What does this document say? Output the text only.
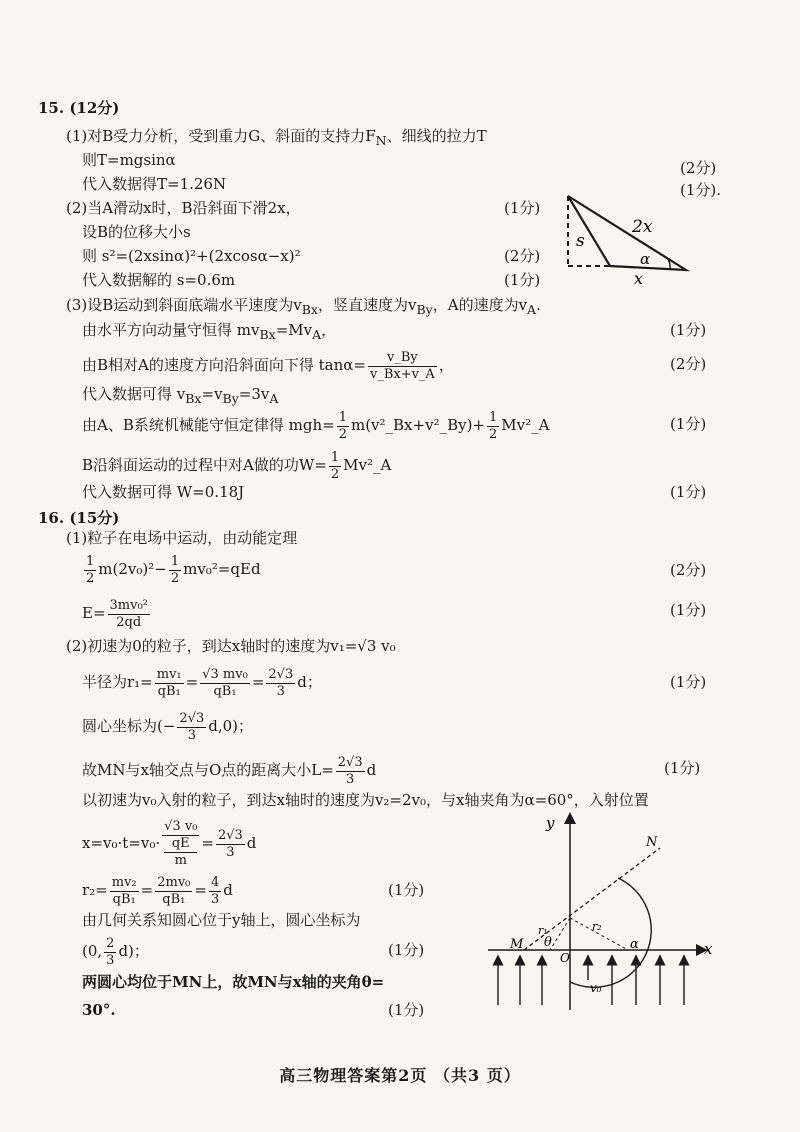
15. (12分)
(1)对B受力分析，受到重力G、斜面的支持力$F_N$、细线的拉力T
则T=mgsinα	(2分)
代入数据得T=1.26N	(1分).
(2)当A滑动x时，B沿斜面下滑2x，	(1分)
设B的位移大小s
则 s²=(2xsinα)²+(2xcosα−x)²	(2分)
代入数据解的 s=0.6m	(1分)
2x
s
α
x
(3)设B运动到斜面底端水平速度为$v_{Bx}$，竖直速度为$v_{By}$，A的速度为$v_A$.
由水平方向动量守恒得 $mv_{Bx}=Mv_A$，	(1分)
由B相对A的速度方向沿斜面向下得 $\tan\alpha= \frac{v\_By}{v\_Bx+v\_A}$ ，	(2分)
代入数据可得 $v_{Bx}=v_{By}=3v_A$
由A、B系统机械能守恒定律得 $mgh= \frac{1}{2}$ m(v²_Bx+v²_By)+ $\frac{1}{2}$ Mv²_A	(1分)
B沿斜面运动的过程中对A做的功$W= \frac{1}{2}$ Mv²_A
代入数据可得 W=0.18J	(1分)
16. (15分)
(1)粒子在电场中运动，由动能定理
$\frac{1}{2} m(2v_0)^2- \frac{1}{2} mv_0^2=qEd$	(2分)
$E= \frac{\text{3mv₀²}}{2qd}$	(1分)
(2)初速为0的粒子，到达x轴时的速度为v₁=√3 v₀
半径为$r_1= \frac{\text{mv₁}}{\text{qB₁}} = \frac{\text{√3 mv₀}}{\text{qB₁}} = \frac{2√3}{3}$ d；	(1分)
圆心坐标为(− $\frac{2√3}{3} d,0$)；
故MN与x轴交点与O点的距离大小$L= \frac{2√3}{3}$ d	(1分)
以初速为v₀入射的粒子，到达x轴时的速度为v₂=2v₀，与x轴夹角为α=60°，入射位置
x=v₀·t=v₀· √3 v₀
qE
$m = \frac{2√3}{3}$ d
$r_2= \frac{\text{mv₂}}{\text{qB₁}} = \frac{\text{2mv₀}}{\text{qB₁}} = \frac{4}{3}$ d	(1分)
由几何关系知圆心位于y轴上，圆心坐标为
(0, $\frac{2}{3} d$)；	(1分)
两圆心均位于MN上，故MN与x轴的夹角θ=
30°.	(1分)
y
x
N
M
O
θ
r₁	r₂
α
v₀
高三物理答案第2页 （共3 页）
